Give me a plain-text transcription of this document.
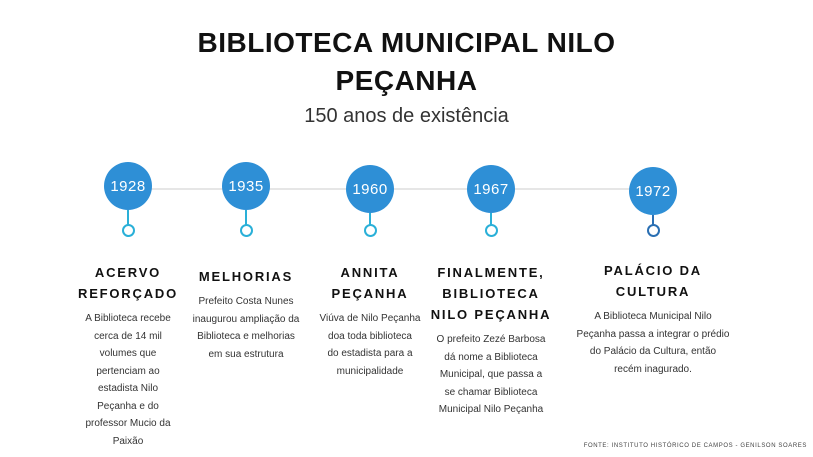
BIBLIOTECA MUNICIPAL NILO
PEÇANHA
150 anos de existência
1928
ACERVO
REFORÇADO

A Biblioteca recebe
cerca de 14 mil
volumes que
pertenciam ao
estadista Nilo
Peçanha e do
professor Mucio da
Paixão

1935
MELHORIAS

Prefeito Costa Nunes
inaugurou ampliação da
Biblioteca e melhorias
em sua estrutura

1960
ANNITA
PEÇANHA

Viúva de Nilo Peçanha
doa toda biblioteca
do estadista para a
municipalidade

1967
FINALMENTE,
BIBLIOTECA
NILO PEÇANHA

O prefeito Zezé Barbosa
dá nome a Biblioteca
Municipal, que passa a
se chamar Biblioteca
Municipal Nilo Peçanha

1972
PALÁCIO DA
CULTURA

A Biblioteca Municipal Nilo
Peçanha passa a integrar o prédio
do Palácio da Cultura, então
recém inagurado.

FONTE: INSTITUTO HISTÓRICO DE CAMPOS - GENILSON SOARES
